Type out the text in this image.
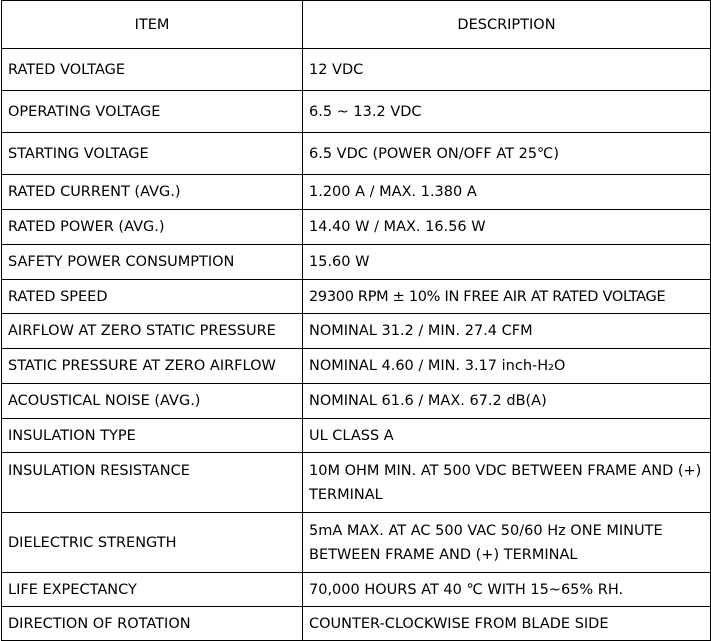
ITEM	DESCRIPTION
RATED VOLTAGE	12 VDC
OPERATING VOLTAGE	6.5 ~ 13.2 VDC
STARTING VOLTAGE	6.5 VDC (POWER ON/OFF AT 25℃)
RATED CURRENT (AVG.)	1.200 A / MAX. 1.380 A
RATED POWER (AVG.)	14.40 W / MAX. 16.56 W
SAFETY POWER CONSUMPTION	15.60 W
RATED SPEED	29300 RPM ± 10% IN FREE AIR AT RATED VOLTAGE
AIRFLOW AT ZERO STATIC PRESSURE	NOMINAL 31.2 / MIN. 27.4 CFM
STATIC PRESSURE AT ZERO AIRFLOW	NOMINAL 4.60 / MIN. 3.17 inch-H₂O
ACOUSTICAL NOISE (AVG.)	NOMINAL 61.6 / MAX. 67.2 dB(A)
INSULATION TYPE	UL CLASS A
INSULATION RESISTANCE	10M OHM MIN. AT 500 VDC BETWEEN FRAME AND (+) TERMINAL
DIELECTRIC STRENGTH	5mA MAX. AT AC 500 VAC 50/60 Hz ONE MINUTE BETWEEN FRAME AND (+) TERMINAL
LIFE EXPECTANCY	70,000 HOURS AT 40 ℃ WITH 15~65% RH.
DIRECTION OF ROTATION	COUNTER-CLOCKWISE FROM BLADE SIDE
